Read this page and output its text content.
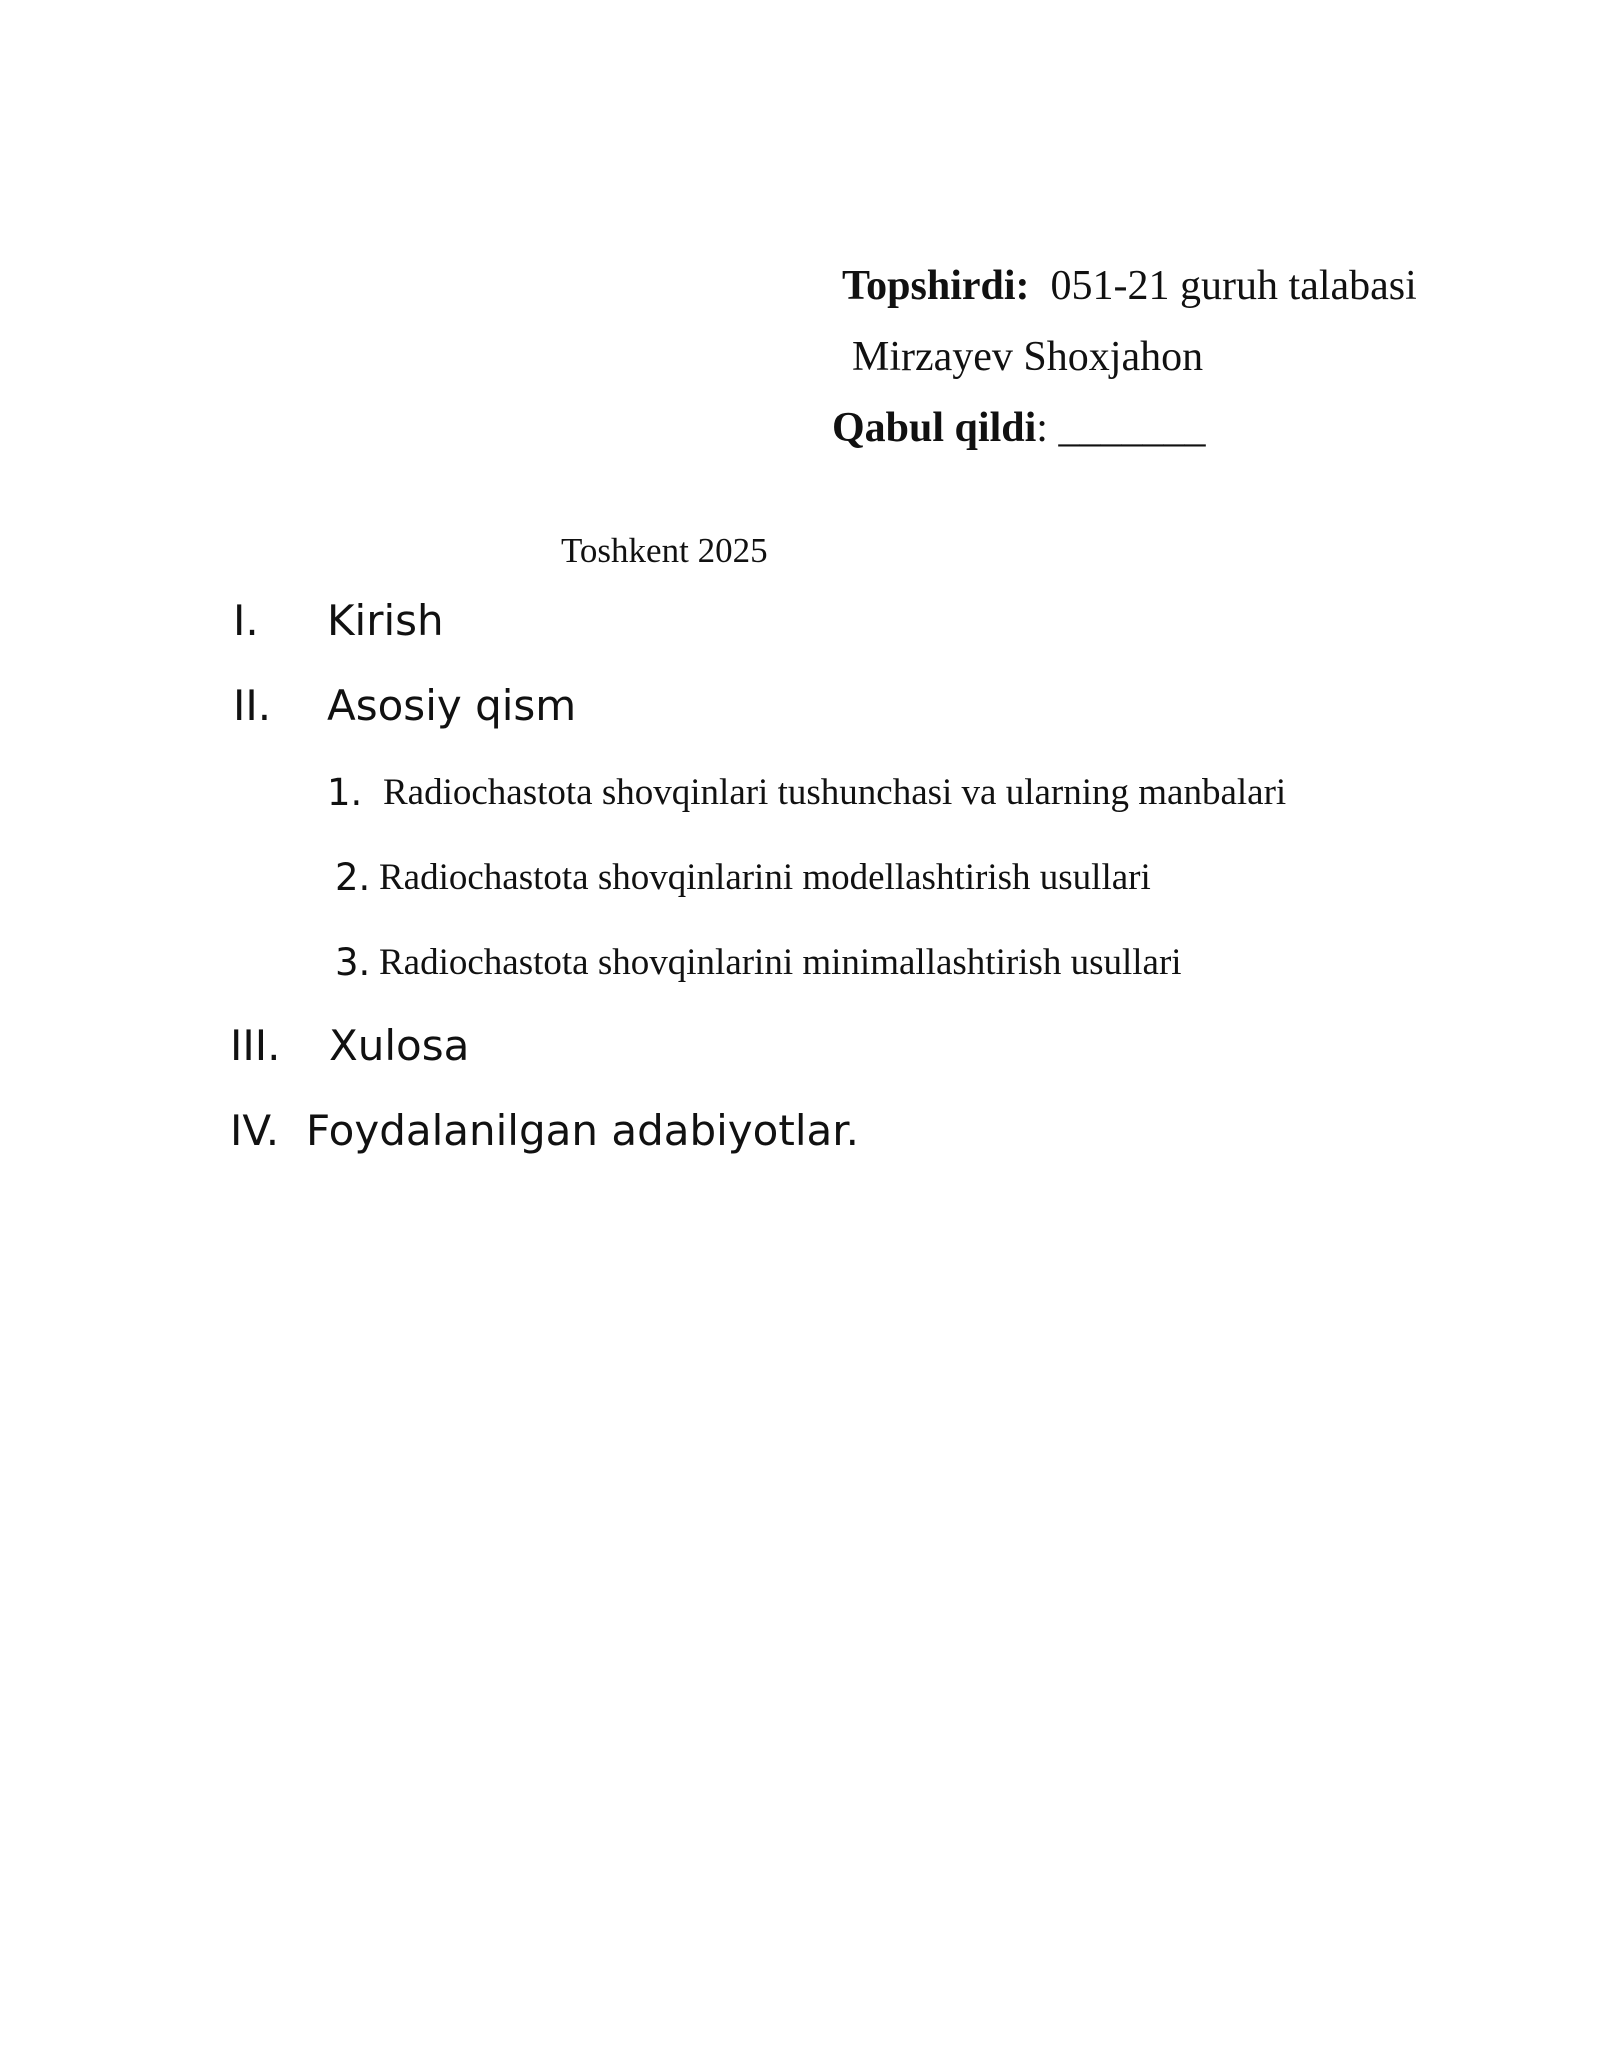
Topshirdi: 051-21 guruh talabasi
Mirzayev Shoxjahon
Qabul qildi: _______
Toshkent 2025
I. Kirish
II. Asosiy qism
1. Radiochastota shovqinlari tushunchasi va ularning manbalari
2. Radiochastota shovqinlarini modellashtirish usullari
3. Radiochastota shovqinlarini minimallashtirish usullari
III. Xulosa
IV. Foydalanilgan adabiyotlar.
